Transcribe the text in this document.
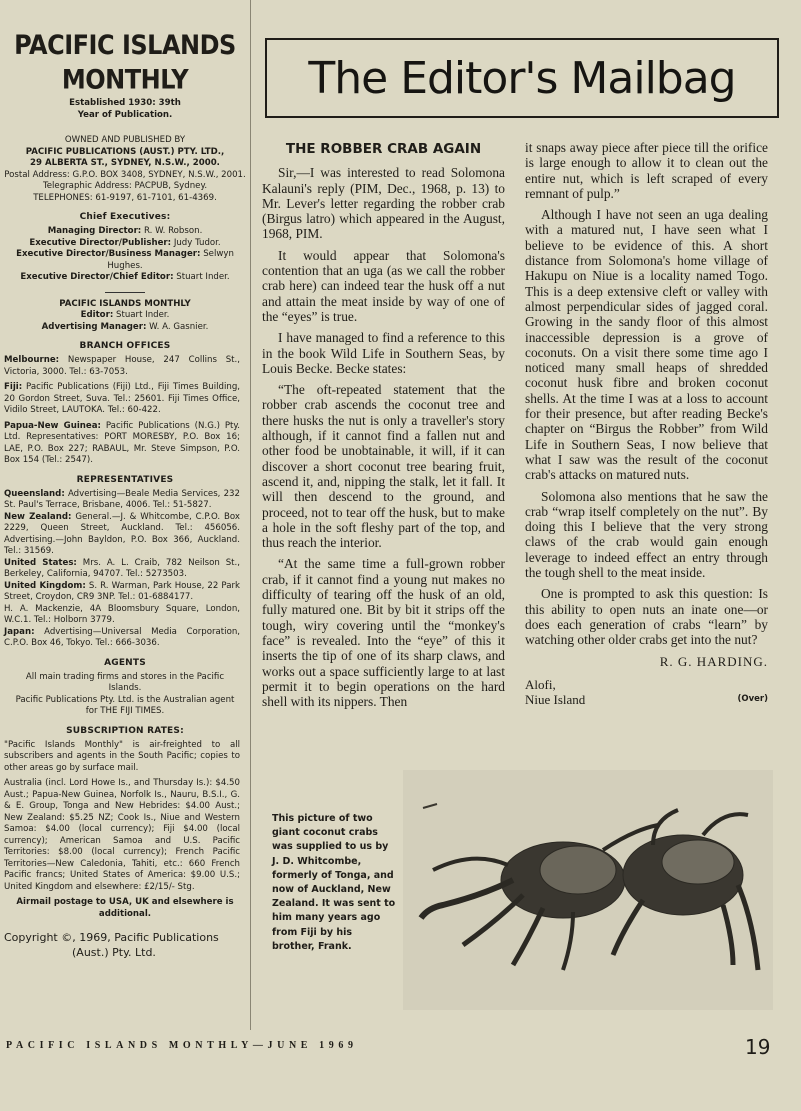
PACIFIC ISLANDS
MONTHLY
Established 1930: 39th
Year of Publication.
OWNED AND PUBLISHED BY
PACIFIC PUBLICATIONS (AUST.) PTY. LTD.,
29 ALBERTA ST., SYDNEY, N.S.W., 2000.
Postal Address: G.P.O. BOX 3408, SYDNEY, N.S.W., 2001.
Telegraphic Address: PACPUB, Sydney.
TELEPHONES: 61-9197, 61-7101, 61-4369.
Chief Executives:
Managing Director: R. W. Robson.
Executive Director/Publisher: Judy Tudor.
Executive Director/Business Manager: Selwyn Hughes.
Executive Director/Chief Editor: Stuart Inder.
PACIFIC ISLANDS MONTHLY
Editor: Stuart Inder.
Advertising Manager: W. A. Gasnier.
BRANCH OFFICES
Melbourne: Newspaper House, 247 Collins St., Victoria, 3000. Tel.: 63-7053.
Fiji: Pacific Publications (Fiji) Ltd., Fiji Times Building, 20 Gordon Street, Suva. Tel.: 25601. Fiji Times Office, Vidilo Street, LAUTOKA. Tel.: 60-422.
Papua-New Guinea: Pacific Publications (N.G.) Pty. Ltd. Representatives: PORT MORESBY, P.O. Box 16; LAE, P.O. Box 227; RABAUL, Mr. Steve Simpson, P.O. Box 154 (Tel.: 2547).
REPRESENTATIVES
Queensland: Advertising—Beale Media Services, 232 St. Paul's Terrace, Brisbane, 4006. Tel.: 51-5827.
New Zealand: General.—J. & Whitcombe, C.P.O. Box 2229, Queen Street, Auckland. Tel.: 456056. Advertising.—John Bayldon, P.O. Box 366, Auckland. Tel.: 31569.
United States: Mrs. A. L. Craib, 782 Neilson St., Berkeley, California, 94707. Tel.: 5273503.
United Kingdom: S. R. Warman, Park House, 22 Park Street, Croydon, CR9 3NP. Tel.: 01-6884177.
H. A. Mackenzie, 4A Bloomsbury Square, London, W.C.1. Tel.: Holborn 3779.
Japan: Advertising—Universal Media Corporation, C.P.O. Box 46, Tokyo. Tel.: 666-3036.
AGENTS
All main trading firms and stores in the Pacific Islands.
Pacific Publications Pty. Ltd. is the Australian agent for THE FIJI TIMES.
SUBSCRIPTION RATES:
"Pacific Islands Monthly" is air-freighted to all subscribers and agents in the South Pacific; copies to other areas go by surface mail.
Australia (incl. Lord Howe Is., and Thursday Is.): $4.50 Aust.; Papua-New Guinea, Norfolk Is., Nauru, B.S.I., G. & E. Group, Tonga and New Hebrides: $4.00 Aust.; New Zealand: $5.25 NZ; Cook Is., Niue and Western Samoa: $4.00 (local currency); Fiji $4.00 (local currency); American Samoa and U.S. Pacific Territories: $8.00 (local currency); French Pacific Territories—New Caledonia, Tahiti, etc.: 660 French Pacific francs; United States of America: $9.00 U.S.; United Kingdom and elsewhere: £2/15/- Stg.
Airmail postage to USA, UK and elsewhere is additional.
Copyright ©, 1969, Pacific Publications
(Aust.) Pty. Ltd.
The Editor's Mailbag
THE ROBBER CRAB AGAIN

Sir,—I was interested to read Solomona Kalauni's reply (PIM, Dec., 1968, p. 13) to Mr. Lever's letter regarding the robber crab (Birgus latro) which appeared in the August, 1968, PIM.

It would appear that Solomona's contention that an uga (as we call the robber crab here) can indeed tear the husk off a nut and attain the meat inside by way of one of the “eyes” is true.

I have managed to find a reference to this in the book Wild Life in Southern Seas, by Louis Becke. Becke states:

“The oft-repeated statement that the robber crab ascends the coconut tree and there husks the nut is only a traveller's story although, if it cannot find a fallen nut and other food be unobtainable, it will, if it can discover a short coconut tree bearing fruit, ascend it, and, nipping the stalk, let it fall. It will then descend to the ground, and proceed, not to tear off the husk, but to make a hole in the soft fleshy part of the top, and thus reach the interior.

“At the same time a full-grown robber crab, if it cannot find a young nut makes no difficulty of tearing off the husk of an old, fully matured one. Bit by bit it strips off the tough, wiry covering until the “monkey's face” is revealed. Into the “eye” of this it inserts the tip of one of its sharp claws, and works out a space sufficiently large to at last permit it to begin operations on the hard shell with its nippers. Then

it snaps away piece after piece till the orifice is large enough to allow it to clean out the entire nut, which is left scraped of every remnant of pulp.”

Although I have not seen an uga dealing with a matured nut, I have seen what I believe to be evidence of this. A short distance from Solomona's home village of Hakupu on Niue is a locality named Togo. This is a deep extensive cleft or valley with almost perpendicular sides of jagged coral. Growing in the sandy floor of this almost inaccessible depression is a grove of coconuts. On a visit there some time ago I noticed many small heaps of shredded coconut husk fibre and broken coconut shells. At the time I was at a loss to account for their presence, but after reading Becke's chapter on “Birgus the Robber” from Wild Life in Southern Seas, I now believe that what I saw was the result of the coconut crab's attacks on matured nuts.

Solomona also mentions that he saw the crab “wrap itself completely on the nut”. By doing this I believe that the very strong claws of the crab would gain enough leverage to indeed effect an entry through the tough shell to the meat inside.

One is prompted to ask this question: Is this ability to open nuts an inate one—or does each generation of crabs “learn” by watching other older crabs get into the nut?

R. G. HARDING.
Alofi,
Niue Island	(Over)
This picture of two giant coconut crabs was supplied to us by J. D. Whitcombe, formerly of Tonga, and now of Auckland, New Zealand. It was sent to him many years ago from Fiji by his brother, Frank.
PACIFIC ISLANDS MONTHLY—JUNE 1969	19
